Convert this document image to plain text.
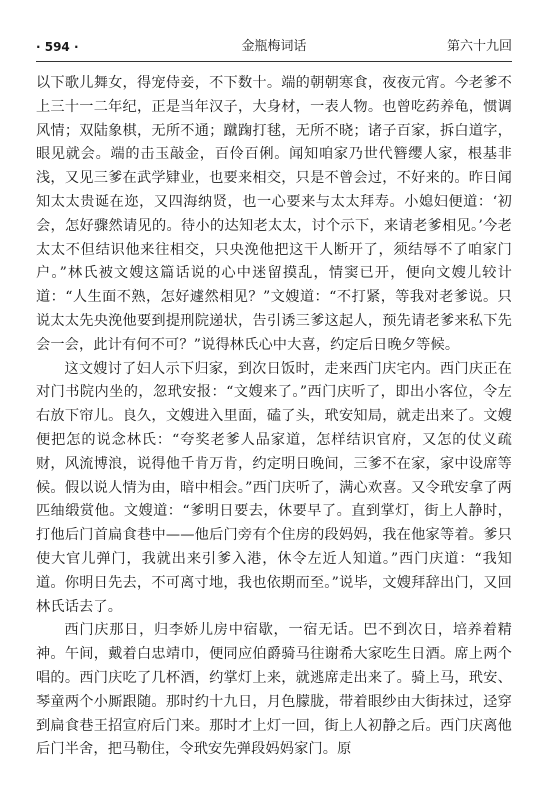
· 594 ·	金瓶梅词话	第六十九回

以下歌儿舞女，得宠侍妾，不下数十。端的朝朝寒食，夜夜元宵。今老爹不上三十一二年纪，正是当年汉子，大身材，一表人物。也曾吃药养龟，惯调风情；双陆象棋，无所不通；蹴踘打毬，无所不晓；诸子百家，拆白道字，眼见就会。端的击玉敲金，百伶百俐。闻知咱家乃世代簪缨人家，根基非浅，又见三爹在武学肄业，也要来相交，只是不曾会过，不好来的。昨日闻知太太贵诞在迩，又四海纳贤，也一心要来与太太拜寿。小媳妇便道：‘初会，怎好骤然请见的。待小的达知老太太，讨个示下，来请老爹相见。’今老太太不但结识他来往相交，只央浼他把这干人断开了，须结辱不了咱家门户。”林氏被文嫂这篇话说的心中迷留摸乱，情窦已开，便向文嫂儿较计道：“人生面不熟，怎好遽然相见？”文嫂道：“不打紧，等我对老爹说。只说太太先央浼他要到提刑院递状，告引诱三爹这起人，预先请老爹来私下先会一会，此计有何不可？”说得林氏心中大喜，约定后日晚夕等候。

这文嫂讨了妇人示下归家，到次日饭时，走来西门庆宅内。西门庆正在对门书院内坐的，忽玳安报：“文嫂来了。”西门庆听了，即出小客位，令左右放下帘儿。良久，文嫂进入里面，磕了头，玳安知局，就走出来了。文嫂便把怎的说念林氏：“夸奖老爹人品家道，怎样结识官府，又怎的仗义疏财，风流博浪，说得他千肯万肯，约定明日晚间，三爹不在家，家中设席等候。假以说人情为由，暗中相会。”西门庆听了，满心欢喜。又令玳安拿了两匹䌷缎赏他。文嫂道：“爹明日要去，休要早了。直到掌灯，街上人静时，打他后门首扁食巷中——他后门旁有个住房的段妈妈，我在他家等着。爹只使大官儿弹门，我就出来引爹入港，休令左近人知道。”西门庆道：“我知道。你明日先去，不可离寸地，我也依期而至。”说毕，文嫂拜辞出门，又回林氏话去了。

西门庆那日，归李娇儿房中宿歇，一宿无话。巴不到次日，培养着精神。午间，戴着白忠靖巾，便同应伯爵骑马往谢希大家吃生日酒。席上两个唱的。西门庆吃了几杯酒，约掌灯上来，就逃席走出来了。骑上马，玳安、琴童两个小厮跟随。那时约十九日，月色朦胧，带着眼纱由大街抹过，迳穿到扁食巷王招宣府后门来。那时才上灯一回，街上人初静之后。西门庆离他后门半舍，把马勒住，令玳安先弹段妈妈家门。原
